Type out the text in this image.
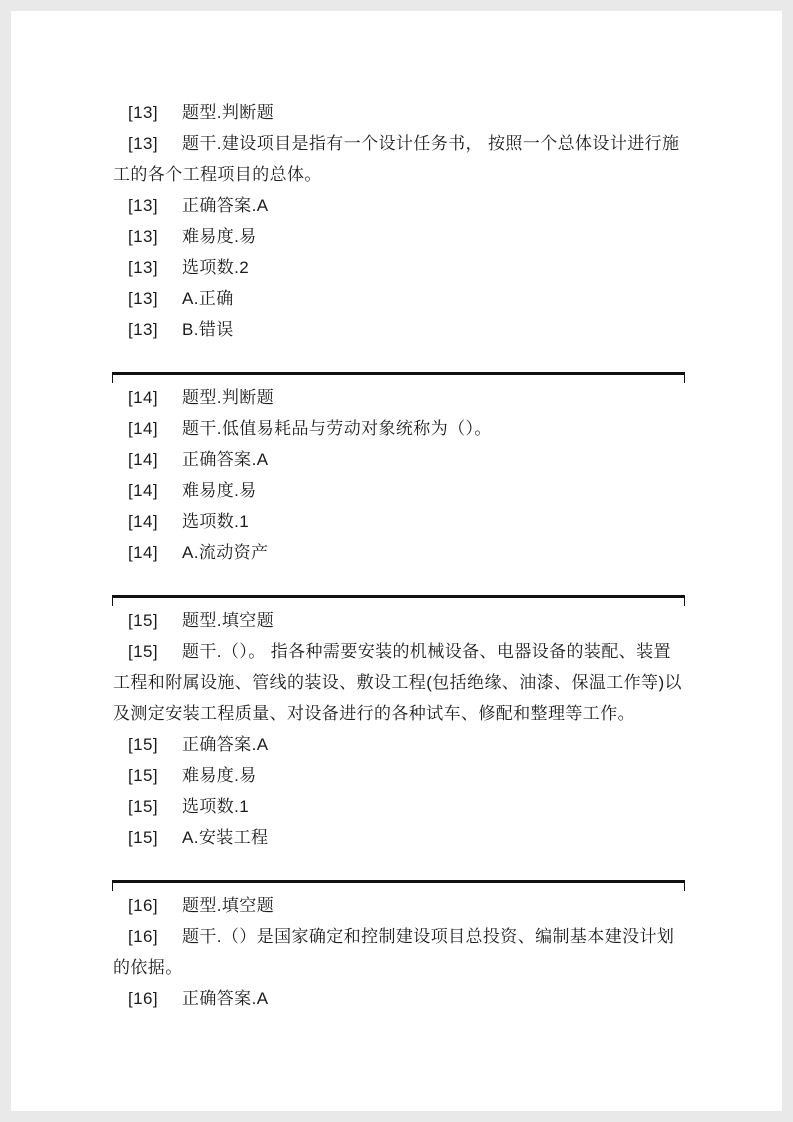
[13] 题型.判断题

[13] 题干.建设项目是指有一个设计任务书， 按照一个总体设计进行施工的各个工程项目的总体。

[13] 正确答案.A

[13] 难易度.易

[13] 选项数.2

[13] A.正确

[13] B.错误

[14] 题型.判断题

[14] 题干.低值易耗品与劳动对象统称为（）。

[14] 正确答案.A

[14] 难易度.易

[14] 选项数.1

[14] A.流动资产

[15] 题型.填空题

[15] 题干.（）。 指各种需要安装的机械设备、电器设备的装配、装置工程和附属设施、管线的装设、敷设工程(包括绝缘、油漆、保温工作等)以及测定安装工程质量、对设备进行的各种试车、修配和整理等工作。

[15] 正确答案.A

[15] 难易度.易

[15] 选项数.1

[15] A.安装工程

[16] 题型.填空题

[16] 题干.（）是国家确定和控制建设项目总投资、编制基本建没计划的依据。

[16] 正确答案.A
